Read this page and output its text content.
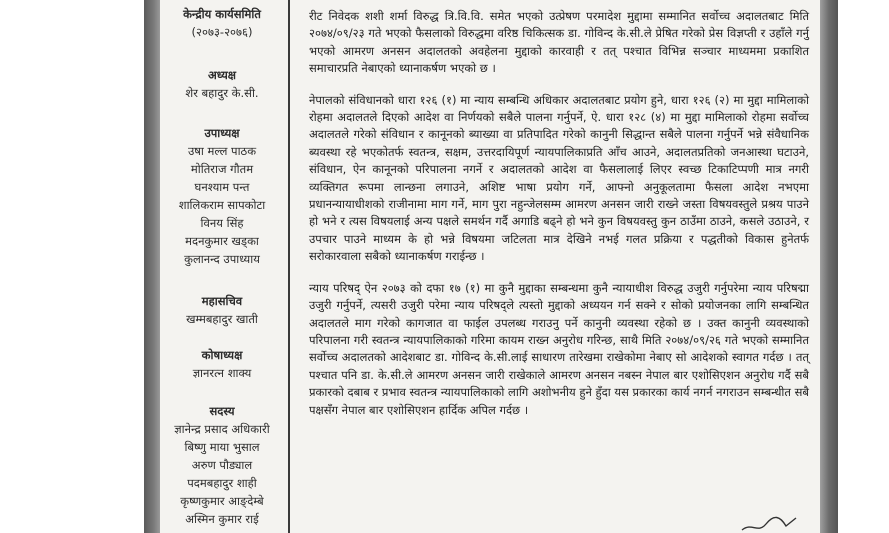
केन्द्रीय कार्यसमिति
(२०७३-२०७६)
अध्यक्ष
शेर बहादुर के.सी.
उपाध्यक्ष
उषा मल्ल पाठक
मोतिराज गौतम
घनश्याम पन्त
शालिकराम सापकोटा
विनय सिंह
मदनकुमार खड्का
कुलानन्द उपाध्याय
महासचिव
खम्मबहादुर खाती
कोषाध्यक्ष
ज्ञानरत्न शाक्य
सदस्य
ज्ञानेन्द्र प्रसाद अधिकारी
बिष्णु माया भुसाल
अरुण पौड्याल
पदमबहादुर शाही
कृष्णकुमार आङ्देम्बे
अस्मिन कुमार राई

रीट निवेदक शशी शर्मा विरुद्ध त्रि.वि.वि. समेत भएको उत्प्रेषण परमादेश मुद्दामा सम्मानित सर्वोच्च अदालतबाट मिति २०७४/०९/२३ गते भएको फैसलाको विरुद्धमा वरिष्ठ चिकित्सक डा. गोविन्द के.सी.ले प्रेषित गरेको प्रेस विज्ञप्ती र उहाँले गर्नु भएको आमरण अनसन अदालतको अवहेलना मुद्दाको कारवाही र तत् पश्चात विभिन्न सञ्चार माध्यममा प्रकाशित समाचारप्रति नेबाएको ध्यानाकर्षण भएको छ ।

नेपालको संविधानको धारा १२६ (१) मा न्याय सम्बन्धि अधिकार अदालतबाट प्रयोग हुने, धारा १२६ (२) मा मुद्दा मामिलाको रोहमा अदालतले दिएको आदेश वा निर्णयको सबैले पालना गर्नुपर्ने, ऐ. धारा १२८ (४) मा मुद्दा मामिलाको रोहमा सर्वोच्च अदालतले गरेको संविधान र कानूनको ब्याख्या वा प्रतिपादित गरेको कानुनी सिद्धान्त सबैले पालना गर्नुपर्ने भन्ने संवैधानिक ब्यवस्था रहे भएकोतर्फ स्वतन्त्र, सक्षम, उत्तरदायिपूर्ण न्यायपालिकाप्रति आँच आउने, अदालतप्रतिको जनआस्था घटाउने, संविधान, ऐन कानूनको परिपालना नगर्ने र अदालतको आदेश वा फैसलालाई लिएर स्वच्छ टिकाटिप्पणी मात्र नगरी व्यक्तिगत रूपमा लान्छना लगाउने, अशिष्ट भाषा प्रयोग गर्ने, आफ्नो अनुकूलतामा फैसला आदेश नभएमा प्रधानन्यायाधीशको राजीनामा माग गर्ने, माग पुरा नहुन्जेलसम्म आमरण अनसन जारी राख्ने जस्ता विषयवस्तुले प्रश्रय पाउने हो भने र त्यस विषयलाई अन्य पक्षले समर्थन गर्दै अगाडि बढ्ने हो भने कुन विषयवस्तु कुन ठाउँमा ठाउने, कसले उठाउने, र उपचार पाउने माध्यम के हो भन्ने विषयमा जटिलता मात्र देखिने नभई गलत प्रक्रिया र पद्धतीको विकास हुनेतर्फ सरोकारवाला सबैको ध्यानाकर्षण गराईन्छ ।

न्याय परिषद् ऐन २०७३ को दफा १७ (१) मा कुनै मुद्दाका सम्बन्धमा कुनै न्यायाधीश विरुद्ध उजुरी गर्नुपरेमा न्याय परिषद्मा उजुरी गर्नुपर्ने, त्यसरी उजुरी परेमा न्याय परिषद्ले त्यस्तो मुद्दाको अध्ययन गर्न सक्ने र सोको प्रयोजनका लागि सम्बन्धित अदालतले माग गरेको कागजात वा फाईल उपलब्ध गराउनु पर्ने कानुनी व्यवस्था रहेको छ । उक्त कानुनी व्यवस्थाको परिपालना गरी स्वतन्त्र न्यायपालिकाको गरिमा कायम राख्न अनुरोध गरिन्छ, साथै मिति २०७४/०९/२६ गते भएको सम्मानित सर्वोच्च अदालतको आदेशबाट डा. गोविन्द के.सी.लाई साधारण तारेखमा राखेकोमा नेबाए सो आदेशको स्वागत गर्दछ । तत् पश्चात पनि डा. के.सी.ले आमरण अनसन जारी राखेकाले आमरण अनसन नबस्न नेपाल बार एशोसिएशन अनुरोध गर्दै सबै प्रकारको दबाब र प्रभाव स्वतन्त्र न्यायपालिकाको लागि अशोभनीय हुने हुँदा यस प्रकारका कार्य नगर्न नगराउन सम्बन्धीत सबै पक्षसँग नेपाल बार एशोसिएशन हार्दिक अपिल गर्दछ ।
